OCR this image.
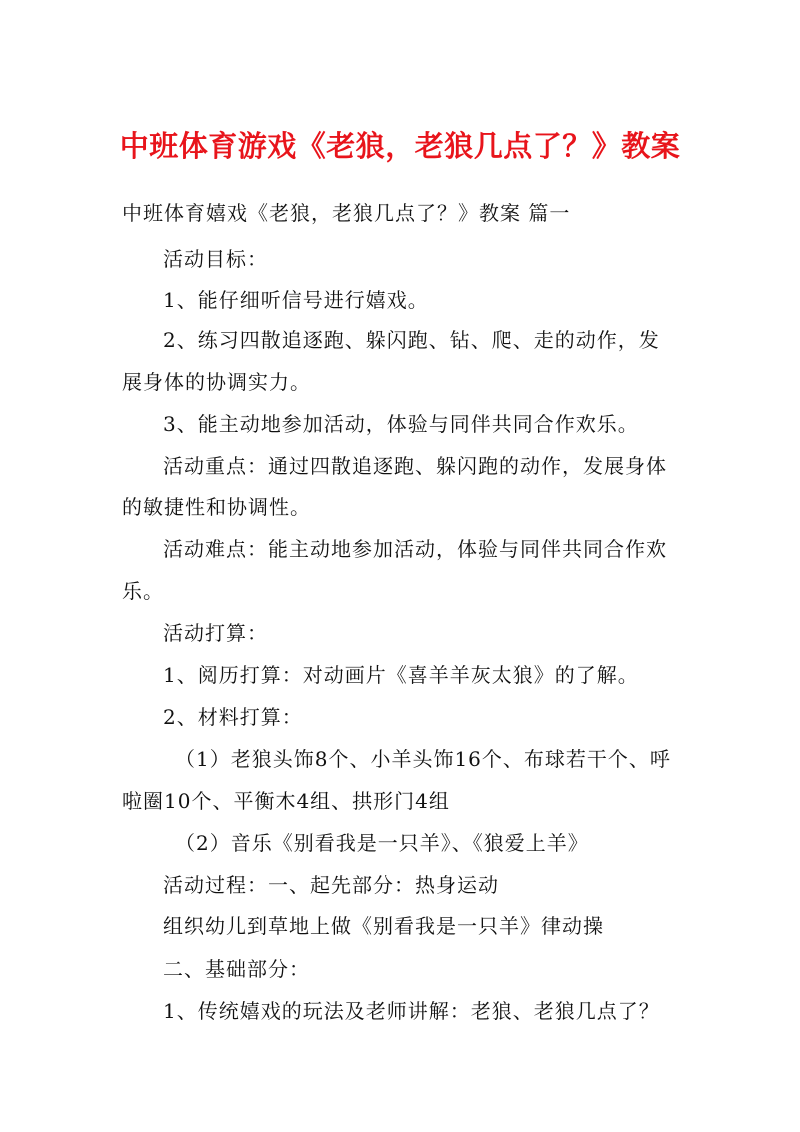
中班体育游戏《老狼，老狼几点了？》教案
中班体育嬉戏《老狼，老狼几点了？》教案 篇一
活动目标：
1、能仔细听信号进行嬉戏。
2、练习四散追逐跑、躲闪跑、钻、爬、走的动作，发
展身体的协调实力。
3、能主动地参加活动，体验与同伴共同合作欢乐。
活动重点：通过四散追逐跑、躲闪跑的动作，发展身体
的敏捷性和协调性。
活动难点：能主动地参加活动，体验与同伴共同合作欢
乐。
活动打算：
1、阅历打算：对动画片《喜羊羊灰太狼》的了解。
2、材料打算：
（1）老狼头饰8个、小羊头饰16个、布球若干个、呼
啦圈10个、平衡木4组、拱形门4组
（2）音乐《别看我是一只羊》、《狼爱上羊》
活动过程：一、起先部分：热身运动
组织幼儿到草地上做《别看我是一只羊》律动操
二、基础部分：
1、传统嬉戏的玩法及老师讲解：老狼、老狼几点了？
